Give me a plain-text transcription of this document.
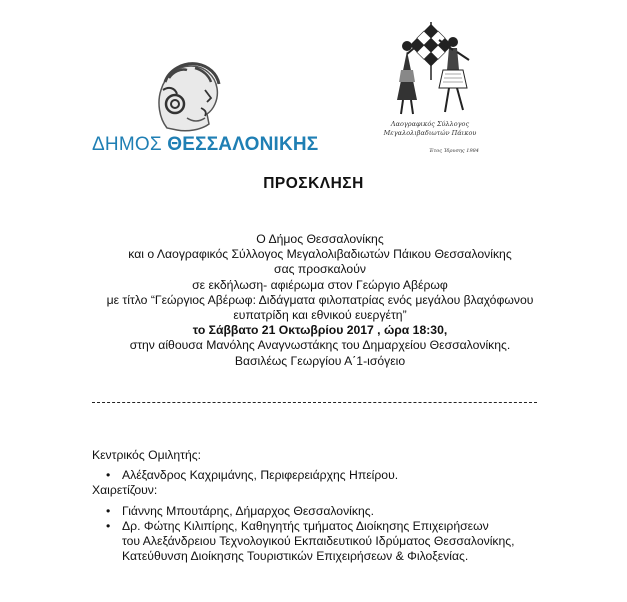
ΔΗΜΟΣ ΘΕΣΣΑΛΟΝΙΚΗΣ
Λαογραφικός Σύλλογος
Μεγαλολιβαδιωτών Πάικου
Έτος Ίδρυσης 1984
ΠΡΟΣΚΛΗΣΗ
Ο Δήμος Θεσσαλονίκης
και ο Λαογραφικός Σύλλογος Μεγαλολιβαδιωτών Πάικου Θεσσαλονίκης
σας προσκαλούν
σε εκδήλωση- αφιέρωμα στον Γεώργιο Αβέρωφ
με τίτλο “Γεώργιος Αβέρωφ: Διδάγματα φιλοπατρίας ενός μεγάλου βλαχόφωνου
ευπατρίδη και εθνικού ευεργέτη”
το Σάββατο 21 Οκτωβρίου 2017 , ώρα 18:30,
στην αίθουσα Μανόλης Αναγνωστάκης του Δημαρχείου Θεσσαλονίκης.
Βασιλέως Γεωργίου Α΄1-ισόγειο
Κεντρικός Ομιλητής:
• Αλέξανδρος Καχριμάνης, Περιφερειάρχης Ηπείρου.
Χαιρετίζουν:
• Γιάννης Μπουτάρης, Δήμαρχος Θεσσαλονίκης.
• Δρ. Φώτης Κιλιπίρης, Καθηγητής τμήματος Διοίκησης Επιχειρήσεων
του Αλεξάνδρειου Τεχνολογικού Εκπαιδευτικού Ιδρύματος Θεσσαλονίκης,
Κατεύθυνση Διοίκησης Τουριστικών Επιχειρήσεων & Φιλοξενίας.
